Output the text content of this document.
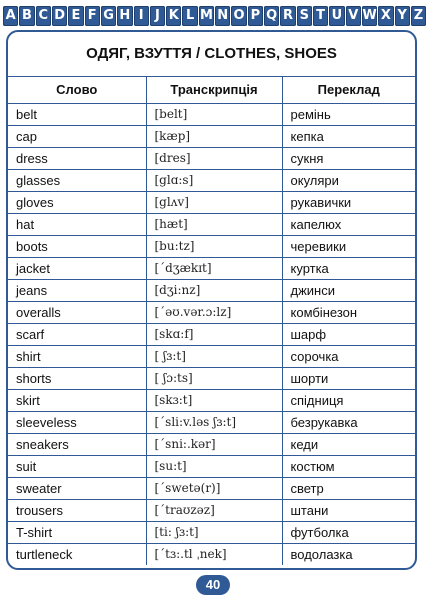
A B C D E F G H I J K L M N O P Q R S T U V W X Y Z
ОДЯГ, ВЗУТТЯ / CLOTHES, SHOES
Слово	Транскрипція	Переклад
belt	[belt]	ремінь
cap	[kæp]	кепка
dress	[dres]	сукня
glasses	[glɑ:s]	окуляри
gloves	[glʌv]	рукавички
hat	[hæt]	капелюх
boots	[bu:tz]	черевики
jacket	[ˊdʒækɪt]	куртка
jeans	[dʒi:nz]	джинси
overalls	[ˊəʊ.vər.ɔ:lz]	комбінезон
scarf	[skɑ:f]	шарф
shirt	[ ʃɜ:t]	сорочка
shorts	[ ʃɔ:ts]	шорти
skirt	[skɜ:t]	спідниця
sleeveless	[ˊsli:v.ləs ʃɜ:t]	безрукавка
sneakers	[ˊsni:.kər]	кеди
suit	[su:t]	костюм
sweater	[ˊswetə(r)]	светр
trousers	[ˊtraʊzəz]	штани
T-shirt	[ti: ʃɜ:t]	футболка
turtleneck	[ˊtɜ:.tl ˌnek]	водолазка
40
